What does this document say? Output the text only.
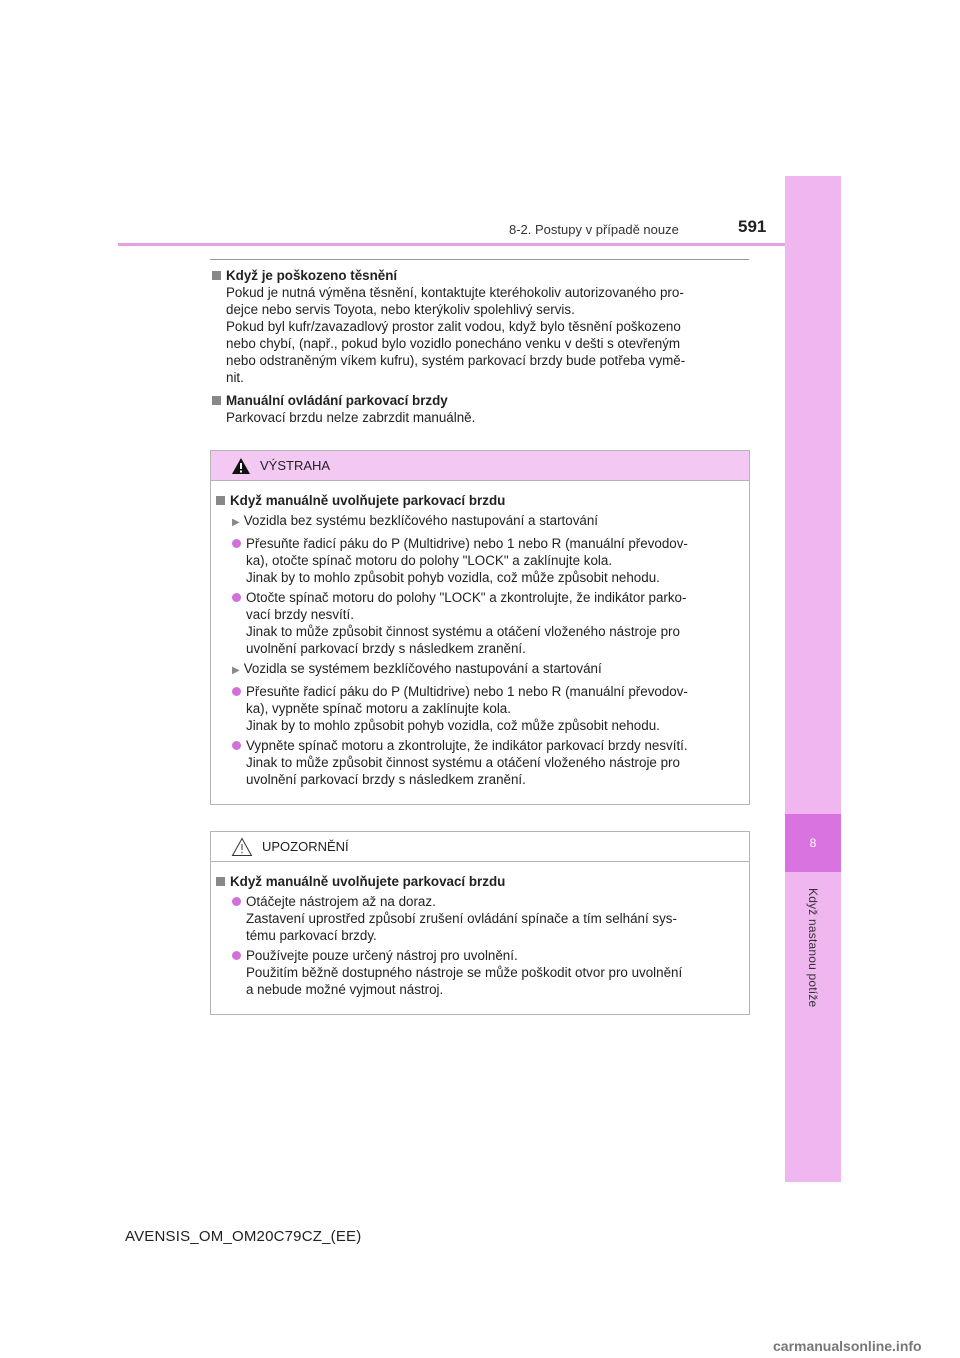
8
Když nastanou potíže
8-2. Postupy v případě nouze	591
Když je poškozeno těsnění
Pokud je nutná výměna těsnění, kontaktujte kteréhokoliv autorizovaného pro-
dejce nebo servis Toyota, nebo kterýkoliv spolehlivý servis.
Pokud byl kufr/zavazadlový prostor zalit vodou, když bylo těsnění poškozeno
nebo chybí, (např., pokud bylo vozidlo ponecháno venku v dešti s otevřeným
nebo odstraněným víkem kufru), systém parkovací brzdy bude potřeba vymě-
nit.
Manuální ovládání parkovací brzdy
Parkovací brzdu nelze zabrzdit manuálně.
VÝSTRAHA
Když manuálně uvolňujete parkovací brzdu
▶ Vozidla bez systému bezklíčového nastupování a startování
Přesuňte řadicí páku do P (Multidrive) nebo 1 nebo R (manuální převodov-
ka), otočte spínač motoru do polohy "LOCK" a zaklínujte kola.
Jinak by to mohlo způsobit pohyb vozidla, což může způsobit nehodu.
Otočte spínač motoru do polohy "LOCK" a zkontrolujte, že indikátor parko-
vací brzdy nesvítí.
Jinak to může způsobit činnost systému a otáčení vloženého nástroje pro
uvolnění parkovací brzdy s následkem zranění.
▶ Vozidla se systémem bezklíčového nastupování a startování
Přesuňte řadicí páku do P (Multidrive) nebo 1 nebo R (manuální převodov-
ka), vypněte spínač motoru a zaklínujte kola.
Jinak by to mohlo způsobit pohyb vozidla, což může způsobit nehodu.
Vypněte spínač motoru a zkontrolujte, že indikátor parkovací brzdy nesvítí.
Jinak to může způsobit činnost systému a otáčení vloženého nástroje pro
uvolnění parkovací brzdy s následkem zranění.
UPOZORNĚNÍ
Když manuálně uvolňujete parkovací brzdu
Otáčejte nástrojem až na doraz.
Zastavení uprostřed způsobí zrušení ovládání spínače a tím selhání sys-
tému parkovací brzdy.
Používejte pouze určený nástroj pro uvolnění.
Použitím běžně dostupného nástroje se může poškodit otvor pro uvolnění
a nebude možné vyjmout nástroj.
AVENSIS_OM_OM20C79CZ_(EE)
carmanualsonline.info
